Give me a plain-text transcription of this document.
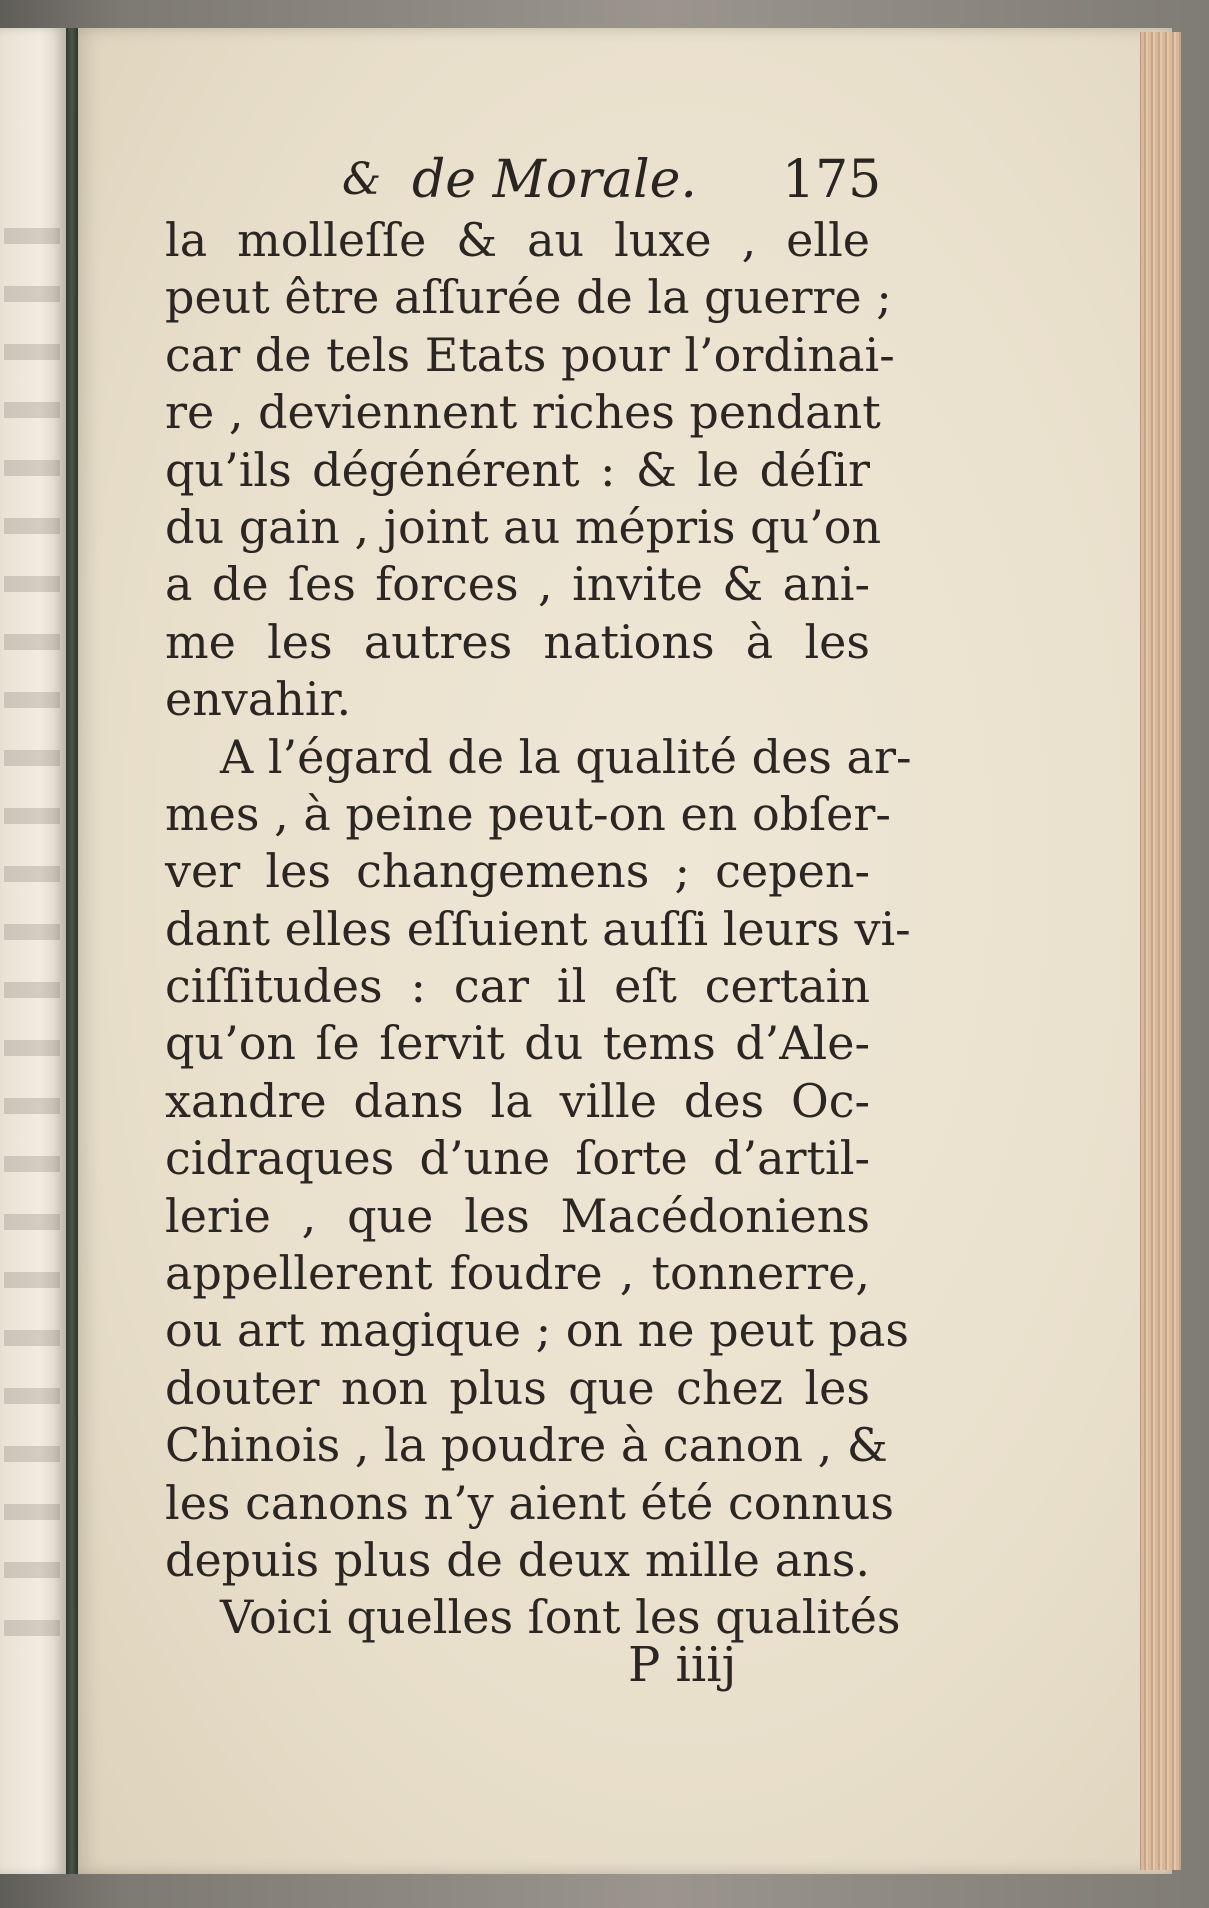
& de Morale. 175
la molleſſe & au luxe , elle
peut être aſſurée de la guerre ;
car de tels Etats pour l’ordinai-
re , deviennent riches pendant
qu’ils dégénérent : & le déſir
du gain , joint au mépris qu’on
a de ſes forces , invite & ani-
me les autres nations à les
envahir.
A l’égard de la qualité des ar-
mes , à peine peut-on en obſer-
ver les changemens ; cepen-
dant elles eſſuient auſſi leurs vi-
ciſſitudes : car il eſt certain
qu’on ſe ſervit du tems d’Ale-
xandre dans la ville des Oc-
cidraques d’une ſorte d’artil-
lerie , que les Macédoniens
appellerent foudre , tonnerre,
ou art magique ; on ne peut pas
douter non plus que chez les
Chinois , la poudre à canon , &
les canons n’y aient été connus
depuis plus de deux mille ans.
Voici quelles ſont les qualités
P iiij
